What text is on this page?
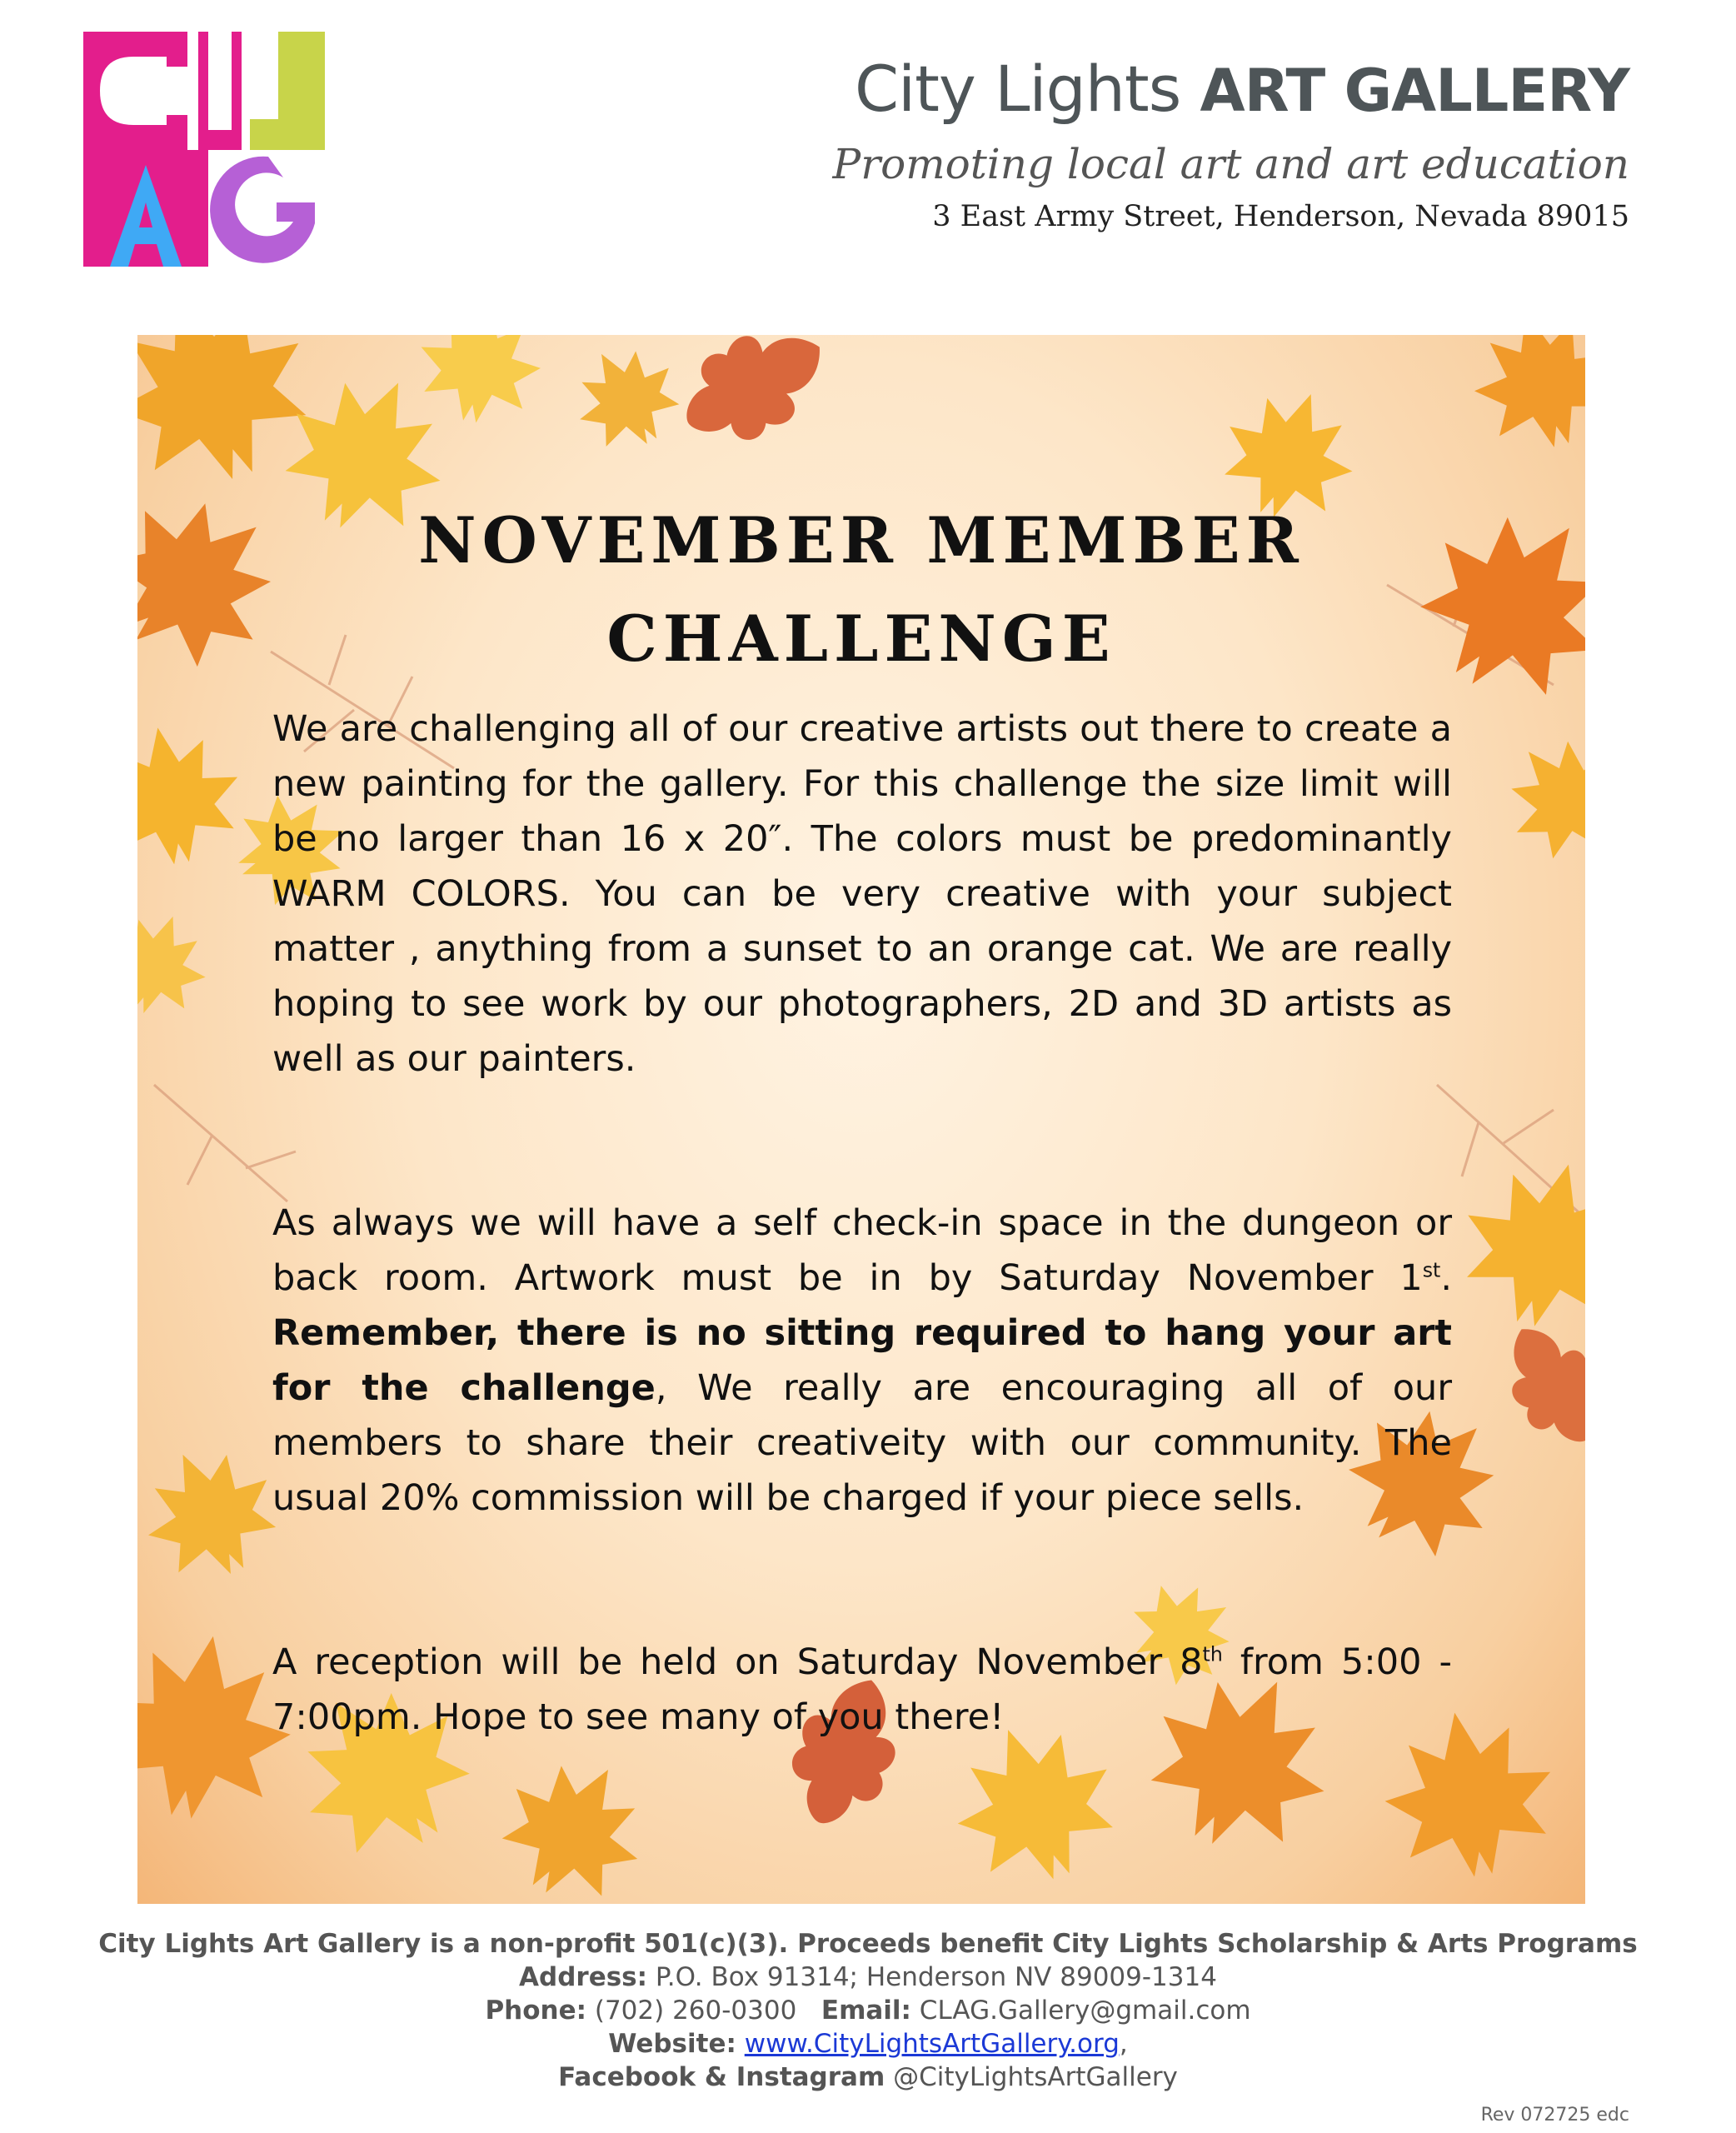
City Lights ART GALLERY
Promoting local art and art education
3 East Army Street, Henderson, Nevada 89015
NOVEMBER MEMBER
CHALLENGE

We are challenging all of our creative artists out there to create a new painting for the gallery. For this challenge the size limit will be no larger than 16 x 20″. The colors must be predominantly WARM COLORS. You can be very creative with your subject matter , anything from a sunset to an orange cat. We are really hoping to see work by our photographers, 2D and 3D artists as well as our painters.

As always we will have a self check-in space in the dungeon or back room. Artwork must be in by Saturday November 1st. Remember, there is no sitting required to hang your art for the challenge, We really are encouraging all of our members to share their creativeity with our community. The usual 20% commission will be charged if your piece sells.

A reception will be held on Saturday November 8th from 5:00 - 7:00pm. Hope to see many of you there!

City Lights Art Gallery is a non-profit 501(c)(3). Proceeds benefit City Lights Scholarship & Arts Programs
Address: P.O. Box 91314; Henderson NV 89009-1314
Phone: (702) 260-0300 Email: CLAG.Gallery@gmail.com
Website: www.CityLightsArtGallery.org,
Facebook & Instagram @CityLightsArtGallery
Rev 072725 edc
